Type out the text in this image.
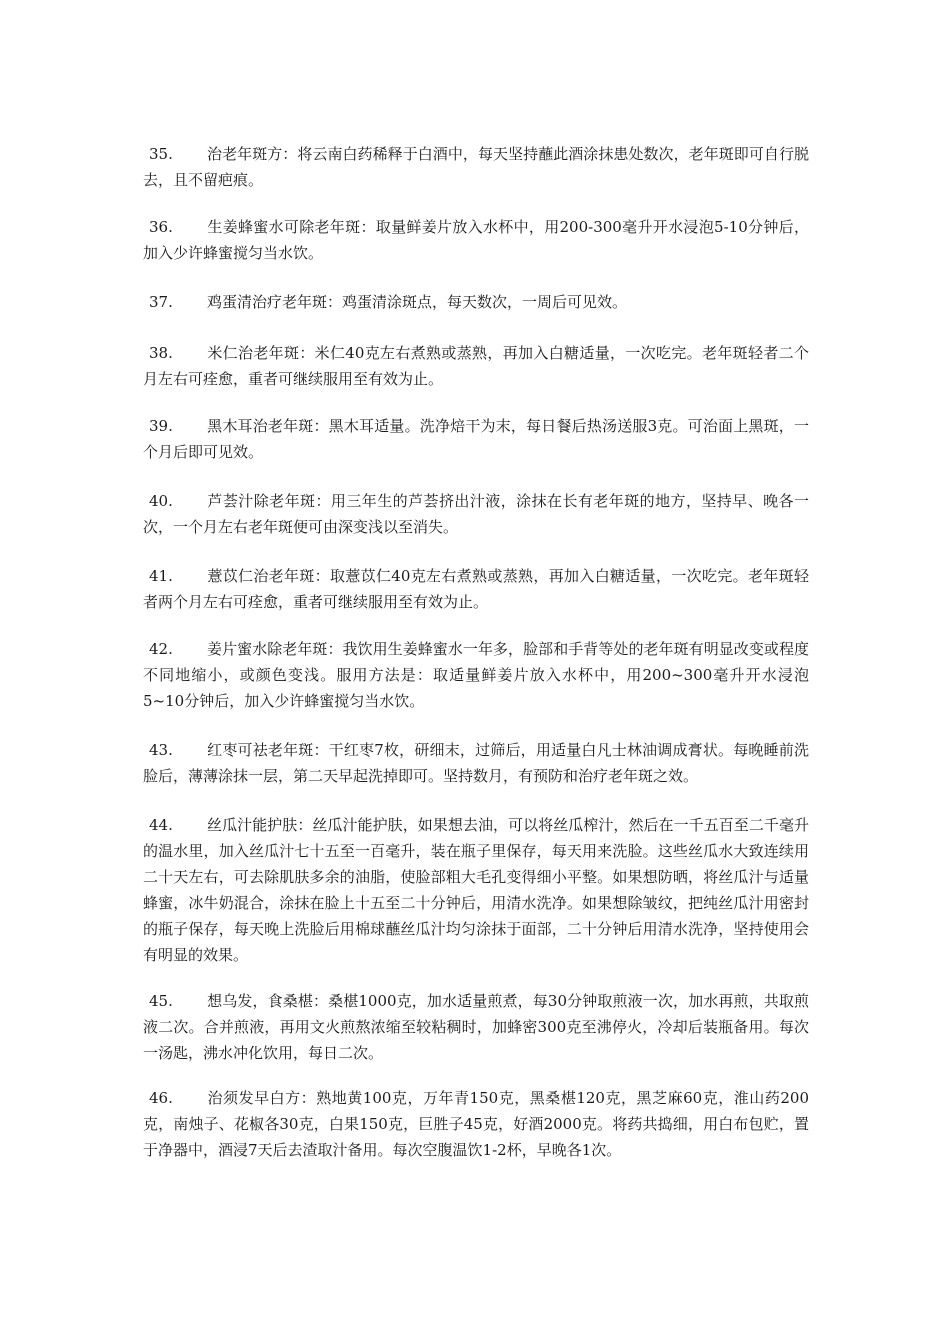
35. 治老年斑方：将云南白药稀释于白酒中，每天坚持蘸此酒涂抹患处数次，老年斑即可自行脱去，且不留疤痕。

36. 生姜蜂蜜水可除老年斑：取量鲜姜片放入水杯中，用200-300毫升开水浸泡5-10分钟后，加入少许蜂蜜搅匀当水饮。

37. 鸡蛋清治疗老年斑：鸡蛋清涂斑点，每天数次，一周后可见效。

38. 米仁治老年斑：米仁40克左右煮熟或蒸熟，再加入白糖适量，一次吃完。老年斑轻者二个月左右可痊愈，重者可继续服用至有效为止。

39. 黑木耳治老年斑：黑木耳适量。洗净焙干为末，每日餐后热汤送服3克。可治面上黑斑，一个月后即可见效。

40. 芦荟汁除老年斑：用三年生的芦荟挤出汁液，涂抹在长有老年斑的地方，坚持早、晚各一次，一个月左右老年斑便可由深变浅以至消失。

41. 薏苡仁治老年斑：取薏苡仁40克左右煮熟或蒸熟，再加入白糖适量，一次吃完。老年斑轻者两个月左右可痊愈，重者可继续服用至有效为止。

42. 姜片蜜水除老年斑：我饮用生姜蜂蜜水一年多，脸部和手背等处的老年斑有明显改变或程度不同地缩小，或颜色变浅。服用方法是：取适量鲜姜片放入水杯中，用200~300毫升开水浸泡5~10分钟后，加入少许蜂蜜搅匀当水饮。

43. 红枣可祛老年斑：干红枣7枚，研细末，过筛后，用适量白凡士林油调成膏状。每晚睡前洗脸后，薄薄涂抹一层，第二天早起洗掉即可。坚持数月，有预防和治疗老年斑之效。

44. 丝瓜汁能护肤：丝瓜汁能护肤，如果想去油，可以将丝瓜榨汁，然后在一千五百至二千毫升的温水里，加入丝瓜汁七十五至一百毫升，装在瓶子里保存，每天用来洗脸。这些丝瓜水大致连续用二十天左右，可去除肌肤多余的油脂，使脸部粗大毛孔变得细小平整。如果想防晒，将丝瓜汁与适量蜂蜜，冰牛奶混合，涂抹在脸上十五至二十分钟后，用清水洗净。如果想除皱纹，把纯丝瓜汁用密封的瓶子保存，每天晚上洗脸后用棉球蘸丝瓜汁均匀涂抹于面部，二十分钟后用清水洗净，坚持使用会有明显的效果。

45. 想乌发，食桑椹：桑椹1000克，加水适量煎煮，每30分钟取煎液一次，加水再煎，共取煎液二次。合并煎液，再用文火煎熬浓缩至较粘稠时，加蜂密300克至沸停火，冷却后装瓶备用。每次一汤匙，沸水冲化饮用，每日二次。

46. 治须发早白方：熟地黄100克，万年青150克，黑桑椹120克，黑芝麻60克，淮山药200克，南烛子、花椒各30克，白果150克，巨胜子45克，好酒2000克。将药共捣细，用白布包贮，置于净器中，酒浸7天后去渣取汁备用。每次空腹温饮1-2杯，早晚各1次。
